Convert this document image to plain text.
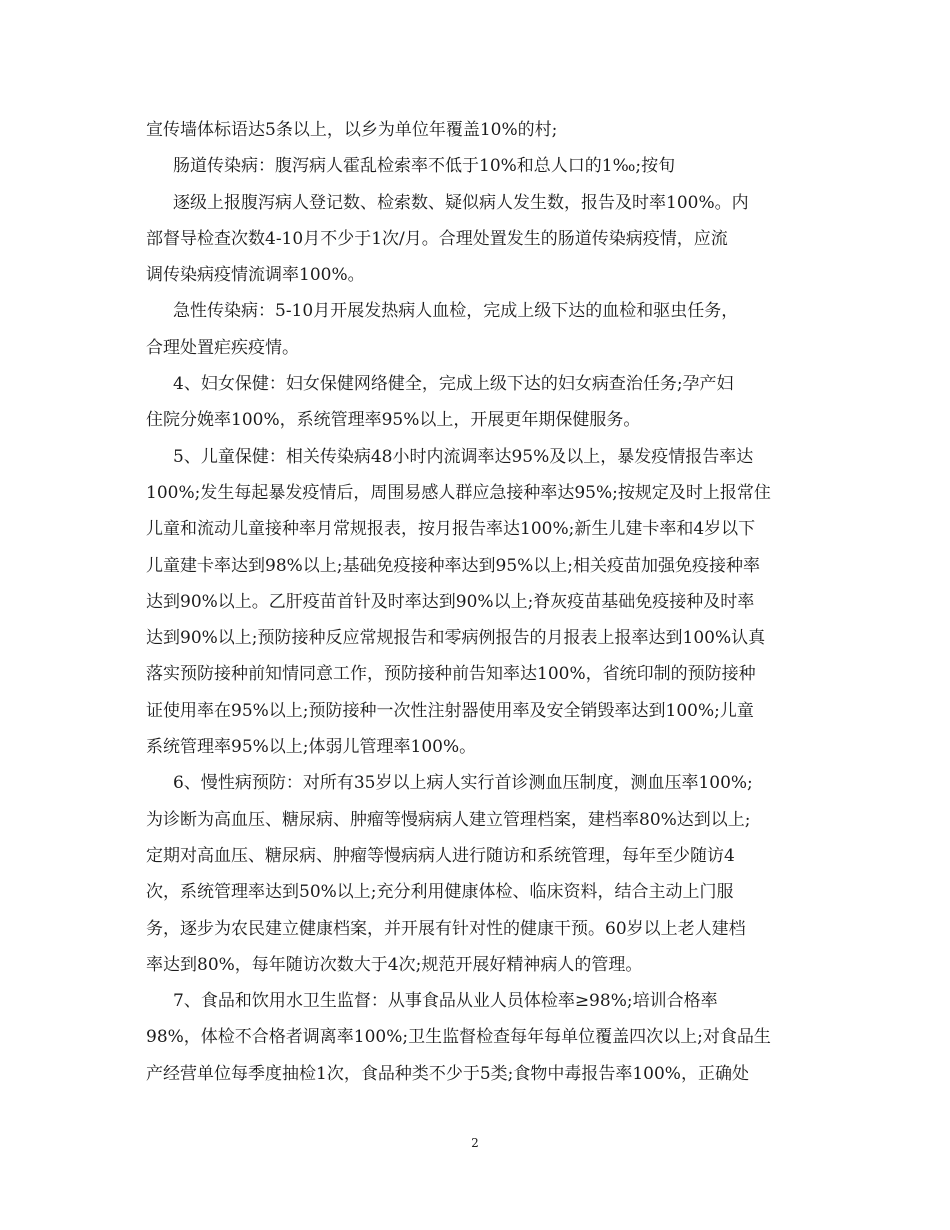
宣传墙体标语达5条以上，以乡为单位年覆盖10%的村;
肠道传染病：腹泻病人霍乱检索率不低于10%和总人口的1‰;按旬
逐级上报腹泻病人登记数、检索数、疑似病人发生数，报告及时率100%。内
部督导检查次数4-10月不少于1次/月。合理处置发生的肠道传染病疫情，应流
调传染病疫情流调率100%。
急性传染病：5-10月开展发热病人血检，完成上级下达的血检和驱虫任务，
合理处置疟疾疫情。
4、妇女保健：妇女保健网络健全，完成上级下达的妇女病查治任务;孕产妇
住院分娩率100%，系统管理率95%以上，开展更年期保健服务。
5、儿童保健：相关传染病48小时内流调率达95%及以上，暴发疫情报告率达
100%;发生每起暴发疫情后，周围易感人群应急接种率达95%;按规定及时上报常住
儿童和流动儿童接种率月常规报表，按月报告率达100%;新生儿建卡率和4岁以下
儿童建卡率达到98%以上;基础免疫接种率达到95%以上;相关疫苗加强免疫接种率
达到90%以上。乙肝疫苗首针及时率达到90%以上;脊灰疫苗基础免疫接种及时率
达到90%以上;预防接种反应常规报告和零病例报告的月报表上报率达到100%认真
落实预防接种前知情同意工作，预防接种前告知率达100%，省统印制的预防接种
证使用率在95%以上;预防接种一次性注射器使用率及安全销毁率达到100%;儿童
系统管理率95%以上;体弱儿管理率100%。
6、慢性病预防：对所有35岁以上病人实行首诊测血压制度，测血压率100%;
为诊断为高血压、糖尿病、肿瘤等慢病病人建立管理档案，建档率80%达到以上;
定期对高血压、糖尿病、肿瘤等慢病病人进行随访和系统管理，每年至少随访4
次，系统管理率达到50%以上;充分利用健康体检、临床资料，结合主动上门服
务，逐步为农民建立健康档案，并开展有针对性的健康干预。60岁以上老人建档
率达到80%，每年随访次数大于4次;规范开展好精神病人的管理。
7、食品和饮用水卫生监督：从事食品从业人员体检率≥98%;培训合格率
98%，体检不合格者调离率100%;卫生监督检查每年每单位覆盖四次以上;对食品生
产经营单位每季度抽检1次，食品种类不少于5类;食物中毒报告率100%，正确处
2
